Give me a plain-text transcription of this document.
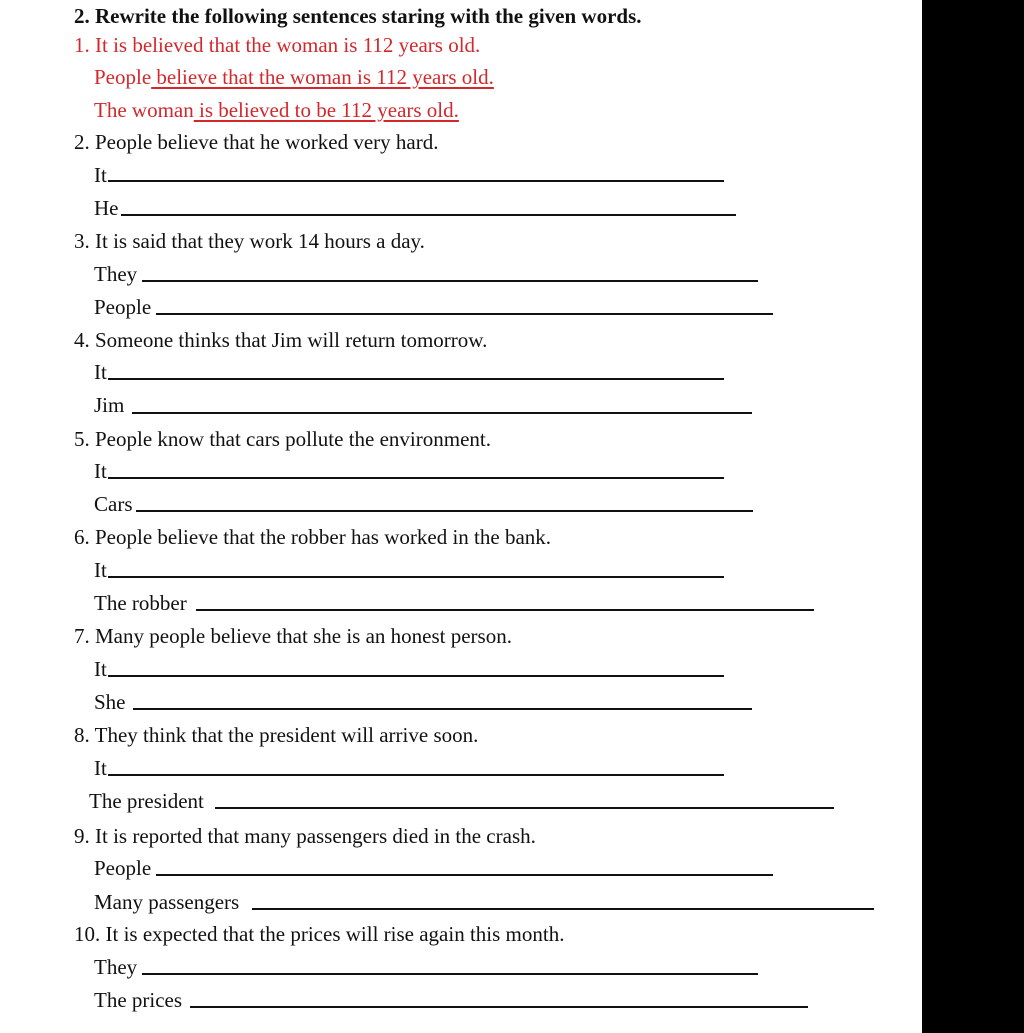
2. Rewrite the following sentences staring with the given words.
1. It is believed that the woman is 112 years old.
People believe that the woman is 112 years old.
The woman is believed to be 112 years old.
2. People believe that he worked very hard.
It
He
3. It is said that they work 14 hours a day.
They
People
4. Someone thinks that Jim will return tomorrow.
It
Jim
5. People know that cars pollute the environment.
It
Cars
6. People believe that the robber has worked in the bank.
It
The robber
7. Many people believe that she is an honest person.
It
She
8. They think that the president will arrive soon.
It
The president
9. It is reported that many passengers died in the crash.
People
Many passengers
10. It is expected that the prices will rise again this month.
They
The prices
